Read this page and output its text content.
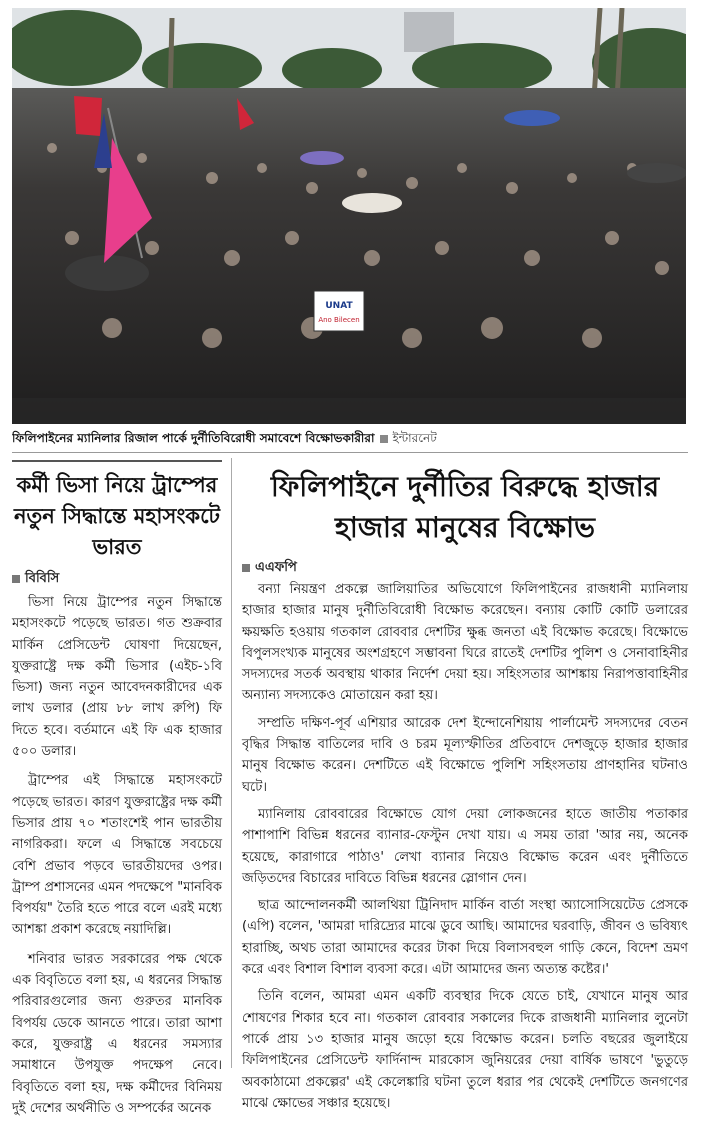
UNAT
Ano Bilecen
ফিলিপাইনের ম্যানিলার রিজাল পার্কে দুর্নীতিবিরোধী সমাবেশে বিক্ষোভকারীরা ইন্টারনেট
কর্মী ভিসা নিয়ে ট্রাম্পের নতুন সিদ্ধান্তে মহাসংকটে ভারত
বিবিসি

ভিসা নিয়ে ট্রাম্পের নতুন সিদ্ধান্তে মহাসংকটে পড়েছে ভারত। গত শুক্রবার মার্কিন প্রেসিডেন্ট ঘোষণা দিয়েছেন, যুক্তরাষ্ট্রে দক্ষ কর্মী ভিসার (এইচ-১বি ভিসা) জন্য নতুন আবেদনকারীদের এক লাখ ডলার (প্রায় ৮৮ লাখ রুপি) ফি দিতে হবে। বর্তমানে এই ফি এক হাজার ৫০০ ডলার।

ট্রাম্পের এই সিদ্ধান্তে মহাসংকটে পড়েছে ভারত। কারণ যুক্তরাষ্ট্রের দক্ষ কর্মী ভিসার প্রায় ৭০ শতাংশেই পান ভারতীয় নাগরিকরা। ফলে এ সিদ্ধান্তে সবচেয়ে বেশি প্রভাব পড়বে ভারতীয়দের ওপর। ট্রাম্প প্রশাসনের এমন পদক্ষেপে "মানবিক বিপর্যয়" তৈরি হতে পারে বলে এরই মধ্যে আশঙ্কা প্রকাশ করেছে নয়াদিল্লি।

শনিবার ভারত সরকারের পক্ষ থেকে এক বিবৃতিতে বলা হয়, এ ধরনের সিদ্ধান্ত পরিবারগুলোর জন্য গুরুতর মানবিক বিপর্যয় ডেকে আনতে পারে। তারা আশা করে, যুক্তরাষ্ট্র এ ধরনের সমস্যার সমাধানে উপযুক্ত পদক্ষেপ নেবে। বিবৃতিতে বলা হয়, দক্ষ কর্মীদের বিনিময় দুই দেশের অর্থনীতি ও সম্পর্কের অনেক

ফিলিপাইনে দুর্নীতির বিরুদ্ধে হাজার হাজার মানুষের বিক্ষোভ
এএফপি

বন্যা নিয়ন্ত্রণ প্রকল্পে জালিয়াতির অভিযোগে ফিলিপাইনের রাজধানী ম্যানিলায় হাজার হাজার মানুষ দুর্নীতিবিরোধী বিক্ষোভ করেছেন। বন্যায় কোটি কোটি ডলারের ক্ষয়ক্ষতি হওয়ায় গতকাল রোববার দেশটির ক্ষুব্ধ জনতা এই বিক্ষোভ করেছে। বিক্ষোভে বিপুলসংখ্যক মানুষের অংশগ্রহণে সম্ভাবনা ঘিরে রাতেই দেশটির পুলিশ ও সেনাবাহিনীর সদস্যদের সতর্ক অবস্থায় থাকার নির্দেশ দেয়া হয়। সহিংসতার আশঙ্কায় নিরাপত্তাবাহিনীর অন্যান্য সদস্যকেও মোতায়েন করা হয়।

সম্প্রতি দক্ষিণ-পূর্ব এশিয়ার আরেক দেশ ইন্দোনেশিয়ায় পার্লামেন্ট সদস্যদের বেতন বৃদ্ধির সিদ্ধান্ত বাতিলের দাবি ও চরম মূল্যস্ফীতির প্রতিবাদে দেশজুড়ে হাজার হাজার মানুষ বিক্ষোভ করেন। দেশটিতে এই বিক্ষোভে পুলিশি সহিংসতায় প্রাণহানির ঘটনাও ঘটে।

ম্যানিলায় রোববারের বিক্ষোভে যোগ দেয়া লোকজনের হাতে জাতীয় পতাকার পাশাপাশি বিভিন্ন ধরনের ব্যানার-ফেস্টুন দেখা যায়। এ সময় তারা 'আর নয়, অনেক হয়েছে, কারাগারে পাঠাও' লেখা ব্যানার নিয়েও বিক্ষোভ করেন এবং দুর্নীতিতে জড়িতদের বিচারের দাবিতে বিভিন্ন ধরনের স্লোগান দেন।

ছাত্র আন্দোলনকর্মী আলথিয়া ট্রিনিদাদ মার্কিন বার্তা সংস্থা অ্যাসোসিয়েটেড প্রেসকে (এপি) বলেন, 'আমরা দারিদ্র্যের মাঝে ডুবে আছি। আমাদের ঘরবাড়ি, জীবন ও ভবিষ্যৎ হারাচ্ছি, অথচ তারা আমাদের করের টাকা দিয়ে বিলাসবহুল গাড়ি কেনে, বিদেশ ভ্রমণ করে এবং বিশাল বিশাল ব্যবসা করে। এটা আমাদের জন্য অত্যন্ত কষ্টের।'

তিনি বলেন, আমরা এমন একটি ব্যবস্থার দিকে যেতে চাই, যেখানে মানুষ আর শোষণের শিকার হবে না। গতকাল রোববার সকালের দিকে রাজধানী ম্যানিলার লুনেটা পার্কে প্রায় ১৩ হাজার মানুষ জড়ো হয়ে বিক্ষোভ করেন। চলতি বছরের জুলাইয়ে ফিলিপাইনের প্রেসিডেন্ট ফার্দিনান্দ মারকোস জুনিয়রের দেয়া বার্ষিক ভাষণে 'ভুতুড়ে অবকাঠামো প্রকল্পের' এই কেলেঙ্কারি ঘটনা তুলে ধরার পর থেকেই দেশটিতে জনগণের মাঝে ক্ষোভের সঞ্চার হয়েছে।
